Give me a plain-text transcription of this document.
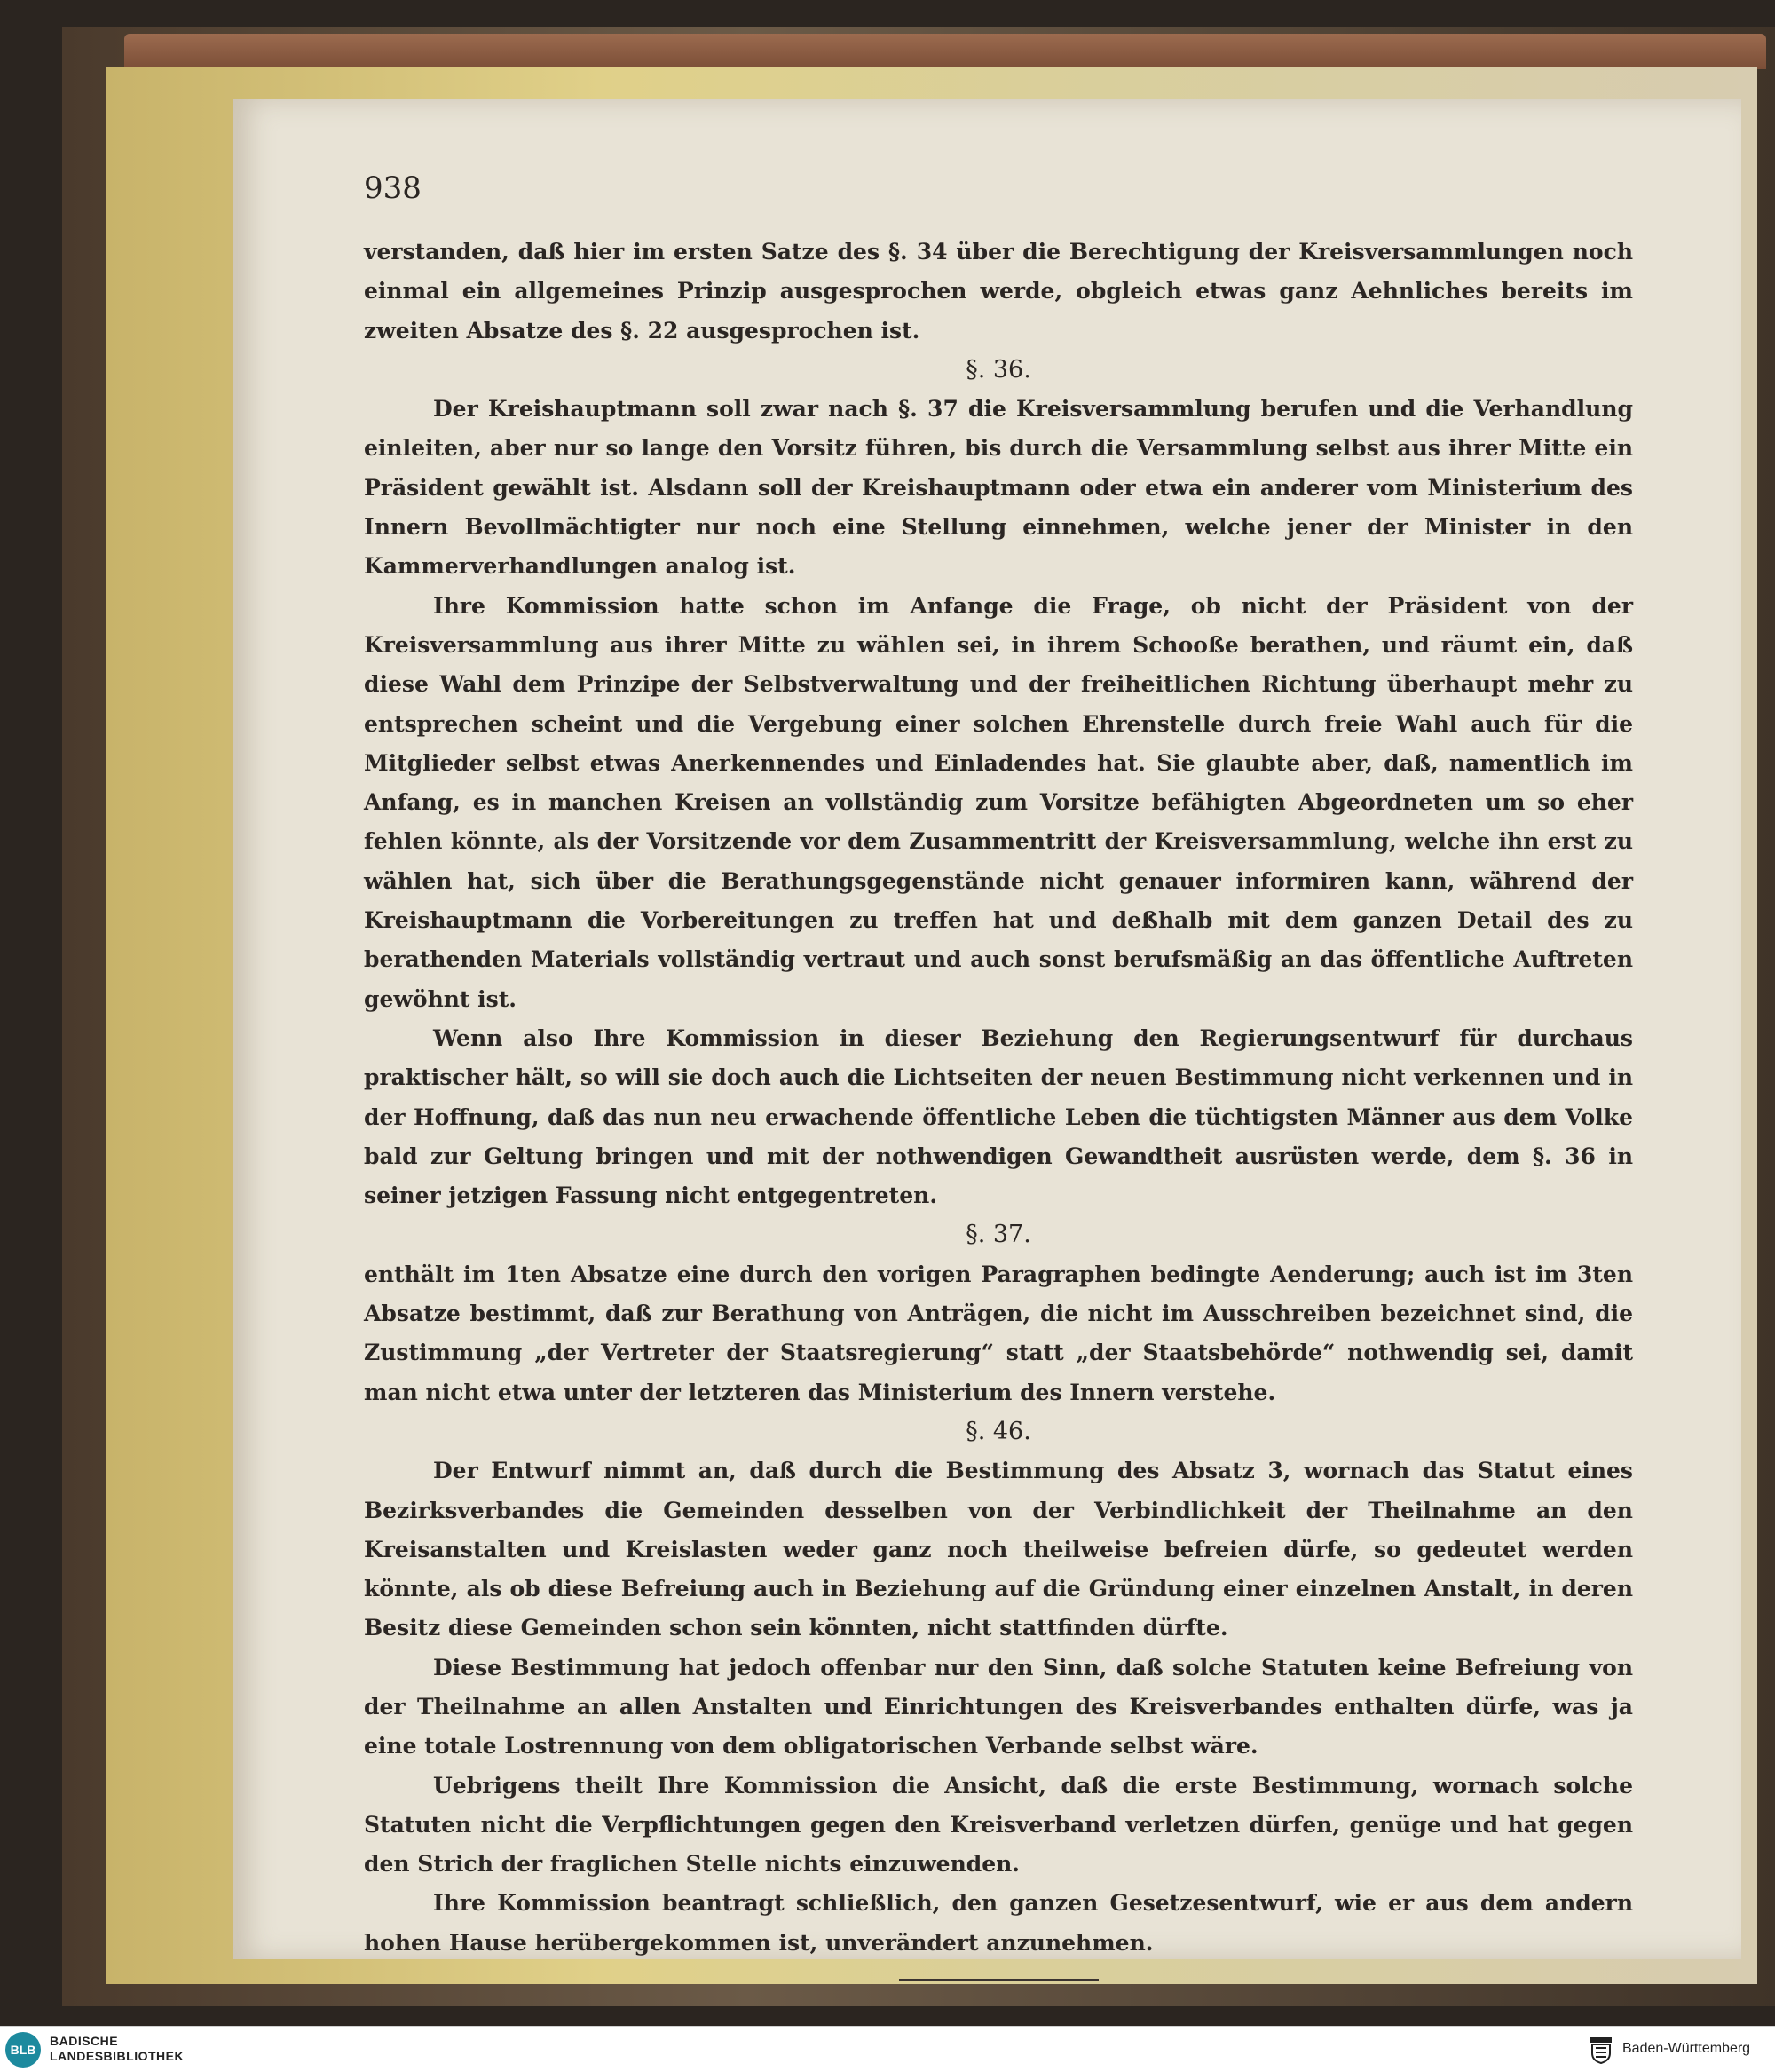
938

verstanden, daß hier im ersten Satze des §. 34 über die Berechtigung der Kreisversammlungen noch einmal ein allgemeines Prinzip ausgesprochen werde, obgleich etwas ganz Aehnliches bereits im zweiten Absatze des §. 22 ausgesprochen ist.

§. 36.

Der Kreishauptmann soll zwar nach §. 37 die Kreisversammlung berufen und die Verhandlung einleiten, aber nur so lange den Vorsitz führen, bis durch die Versammlung selbst aus ihrer Mitte ein Präsident gewählt ist. Alsdann soll der Kreishauptmann oder etwa ein anderer vom Ministerium des Innern Bevollmächtigter nur noch eine Stellung einnehmen, welche jener der Minister in den Kammerverhandlungen analog ist.

Ihre Kommission hatte schon im Anfange die Frage, ob nicht der Präsident von der Kreisversammlung aus ihrer Mitte zu wählen sei, in ihrem Schooße berathen, und räumt ein, daß diese Wahl dem Prinzipe der Selbstverwaltung und der freiheitlichen Richtung überhaupt mehr zu entsprechen scheint und die Vergebung einer solchen Ehrenstelle durch freie Wahl auch für die Mitglieder selbst etwas Anerkennendes und Einladendes hat. Sie glaubte aber, daß, namentlich im Anfang, es in manchen Kreisen an vollständig zum Vorsitze befähigten Abgeordneten um so eher fehlen könnte, als der Vorsitzende vor dem Zusammentritt der Kreisversammlung, welche ihn erst zu wählen hat, sich über die Berathungsgegenstände nicht genauer informiren kann, während der Kreishauptmann die Vorbereitungen zu treffen hat und deßhalb mit dem ganzen Detail des zu berathenden Materials vollständig vertraut und auch sonst berufsmäßig an das öffentliche Auftreten gewöhnt ist.

Wenn also Ihre Kommission in dieser Beziehung den Regierungsentwurf für durchaus praktischer hält, so will sie doch auch die Lichtseiten der neuen Bestimmung nicht verkennen und in der Hoffnung, daß das nun neu erwachende öffentliche Leben die tüchtigsten Männer aus dem Volke bald zur Geltung bringen und mit der nothwendigen Gewandtheit ausrüsten werde, dem §. 36 in seiner jetzigen Fassung nicht entgegentreten.

§. 37.

enthält im 1ten Absatze eine durch den vorigen Paragraphen bedingte Aenderung; auch ist im 3ten Absatze bestimmt, daß zur Berathung von Anträgen, die nicht im Ausschreiben bezeichnet sind, die Zustimmung „der Vertreter der Staatsregierung“ statt „der Staatsbehörde“ nothwendig sei, damit man nicht etwa unter der letzteren das Ministerium des Innern verstehe.

§. 46.

Der Entwurf nimmt an, daß durch die Bestimmung des Absatz 3, wornach das Statut eines Bezirksverbandes die Gemeinden desselben von der Verbindlichkeit der Theilnahme an den Kreisanstalten und Kreislasten weder ganz noch theilweise befreien dürfe, so gedeutet werden könnte, als ob diese Befreiung auch in Beziehung auf die Gründung einer einzelnen Anstalt, in deren Besitz diese Gemeinden schon sein könnten, nicht stattfinden dürfte.

Diese Bestimmung hat jedoch offenbar nur den Sinn, daß solche Statuten keine Befreiung von der Theilnahme an allen Anstalten und Einrichtungen des Kreisverbandes enthalten dürfe, was ja eine totale Lostrennung von dem obligatorischen Verbande selbst wäre.

Uebrigens theilt Ihre Kommission die Ansicht, daß die erste Bestimmung, wornach solche Statuten nicht die Verpflichtungen gegen den Kreisverband verletzen dürfen, genüge und hat gegen den Strich der fraglichen Stelle nichts einzuwenden.

Ihre Kommission beantragt schließlich, den ganzen Gesetzesentwurf, wie er aus dem andern hohen Hause herübergekommen ist, unverändert anzunehmen.

BLB
BADISCHE
LANDESBIBLIOTHEK	Baden-Württemberg
